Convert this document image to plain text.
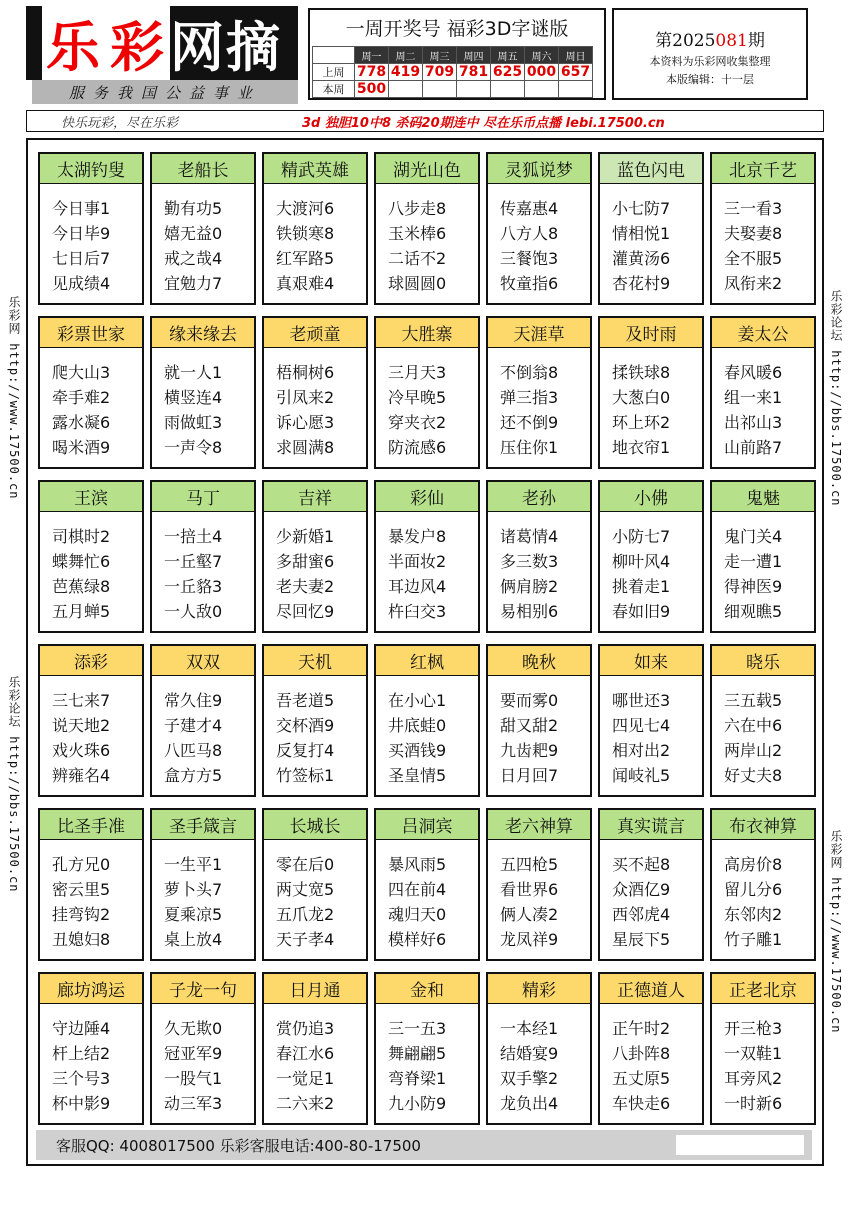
乐 彩 网 摘
服务我国公益事业
一周开奖号 福彩3D字谜版
	周一	周二	周三	周四	周五	周六	周日
上周	778	419	709	781	625	000	657
本周	500						
第2025081期
本资料为乐彩网收集整理
本版编辑：十一层
快乐玩彩，尽在乐彩	3d 独胆10中8 杀码20期连中 尽在乐币点播 lebi.17500.cn
乐彩网 http://www.17500.cn
乐彩论坛 http://bbs.17500.cn
乐彩论坛 http://bbs.17500.cn
乐彩网 http://www.17500.cn
太湖钓叟
今日事1
今日毕9
七日后7
见成绩4
老船长
勤有功5
嬉无益0
戒之哉4
宜勉力7
精武英雄
大渡河6
铁锁寒8
红军路5
真艰难4
湖光山色
八步走8
玉米棒6
二话不2
球圆圆0
灵狐说梦
传嘉惠4
八方人8
三餐饱3
牧童指6
蓝色闪电
小七防7
情相悦1
灌黄汤6
杏花村9
北京千艺
三一看3
夫娶妻8
全不服5
凤衔来2
彩票世家
爬大山3
牵手难2
露水凝6
喝米酒9
缘来缘去
就一人1
横竖连4
雨做虹3
一声令8
老顽童
梧桐树6
引凤来2
诉心愿3
求圆满8
大胜寨
三月天3
冷早晚5
穿夹衣2
防流感6
天涯草
不倒翁8
弹三指3
还不倒9
压住你1
及时雨
揉铁球8
大葱白0
环上环2
地衣帘1
姜太公
春风暖6
组一来1
出祁山3
山前路7
王滨
司棋时2
蝶舞忙6
芭蕉绿8
五月蝉5
马丁
一掊土4
一丘壑7
一丘貉3
一人敌0
吉祥
少新婚1
多甜蜜6
老夫妻2
尽回忆9
彩仙
暴发户8
半面妆2
耳边风4
杵臼交3
老孙
诸葛情4
多三数3
俩肩膀2
易相别6
小佛
小防七7
柳叶风4
挑着走1
春如旧9
鬼魅
鬼门关4
走一遭1
得神医9
细观瞧5
添彩
三七来7
说天地2
戏火珠6
辨雍名4
双双
常久住9
子建才4
八匹马8
盒方方5
天机
吾老道5
交杯酒9
反复打4
竹签标1
红枫
在小心1
井底蛙0
买酒钱9
圣皇情5
晚秋
要而雾0
甜又甜2
九齿耙9
日月回7
如来
哪世还3
四见七4
相对出2
闻岐礼5
晓乐
三五载5
六在中6
两岸山2
好丈夫8
比圣手准
孔方兄0
密云里5
挂弯钩2
丑媳妇8
圣手箴言
一生平1
萝卜头7
夏乘凉5
桌上放4
长城长
零在后0
两丈宽5
五爪龙2
天子孝4
吕洞宾
暴风雨5
四在前4
魂归天0
模样好6
老六神算
五四枪5
看世界6
俩人凑2
龙凤祥9
真实谎言
买不起8
众酒亿9
西邻虎4
星辰下5
布衣神算
高房价8
留儿分6
东邻肉2
竹子雕1
廊坊鸿运
守边陲4
杆上结2
三个号3
杯中影9
子龙一句
久无欺0
冠亚军9
一股气1
动三军3
日月通
赏仍追3
春江水6
一觉足1
二六来2
金和
三一五3
舞翩翩5
弯脊梁1
九小防9
精彩
一本经1
结婚宴9
双手擎2
龙负出4
正德道人
正午时2
八卦阵8
五丈原5
车快走6
正老北京
开三枪3
一双鞋1
耳旁风2
一时新6
客服QQ: 4008017500 乐彩客服电话:400-80-17500
